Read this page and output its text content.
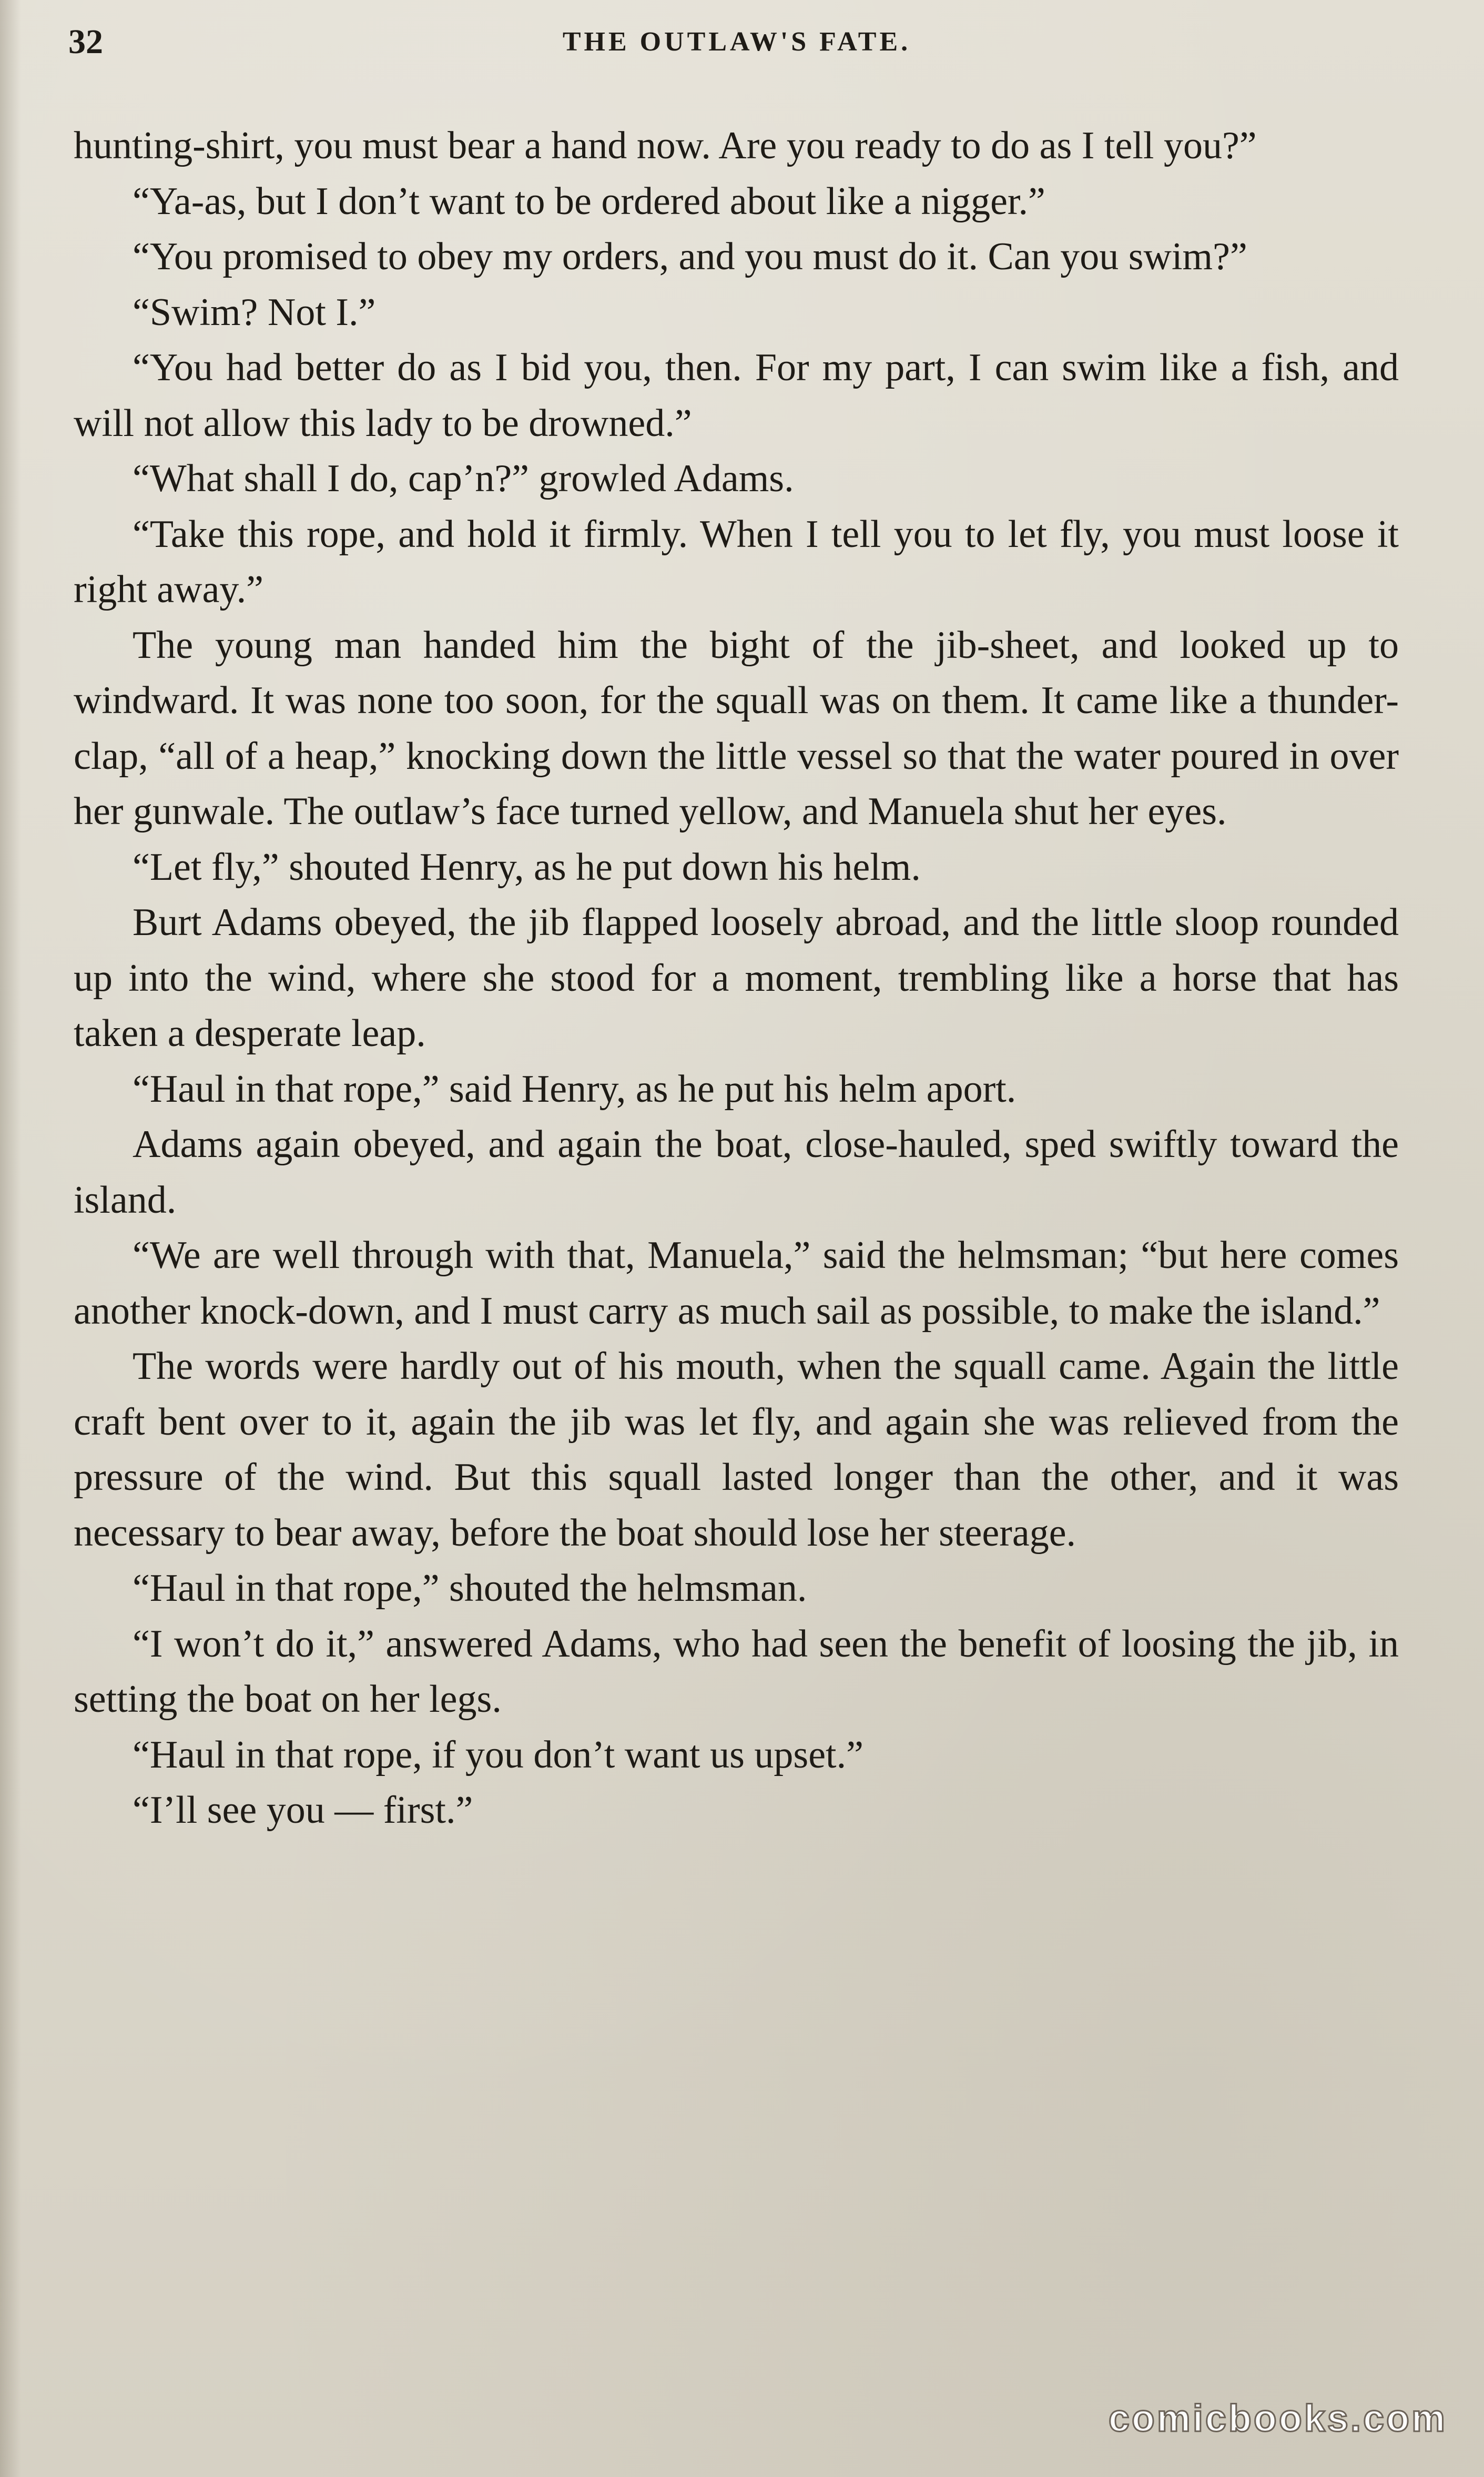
32	THE OUTLAW'S FATE.

hunting-shirt, you must bear a hand now. Are you ready to do as I tell you?”

“Ya-as, but I don’t want to be ordered about like a nigger.”

“You promised to obey my orders, and you must do it. Can you swim?”

“Swim? Not I.”

“You had better do as I bid you, then. For my part, I can swim like a fish, and will not allow this lady to be drowned.”

“What shall I do, cap’n?” growled Adams.

“Take this rope, and hold it firmly. When I tell you to let fly, you must loose it right away.”

The young man handed him the bight of the jib-sheet, and looked up to windward. It was none too soon, for the squall was on them. It came like a thunder-clap, “all of a heap,” knocking down the little vessel so that the water poured in over her gunwale. The outlaw’s face turned yellow, and Manuela shut her eyes.

“Let fly,” shouted Henry, as he put down his helm.

Burt Adams obeyed, the jib flapped loosely abroad, and the little sloop rounded up into the wind, where she stood for a moment, trembling like a horse that has taken a desperate leap.

“Haul in that rope,” said Henry, as he put his helm aport.

Adams again obeyed, and again the boat, close-hauled, sped swiftly toward the island.

“We are well through with that, Manuela,” said the helmsman; “but here comes another knock-down, and I must carry as much sail as possible, to make the island.”

The words were hardly out of his mouth, when the squall came. Again the little craft bent over to it, again the jib was let fly, and again she was relieved from the pressure of the wind. But this squall lasted longer than the other, and it was necessary to bear away, before the boat should lose her steerage.

“Haul in that rope,” shouted the helmsman.

“I won’t do it,” answered Adams, who had seen the benefit of loosing the jib, in setting the boat on her legs.

“Haul in that rope, if you don’t want us upset.”

“I’ll see you — first.”

comicbooks.com
